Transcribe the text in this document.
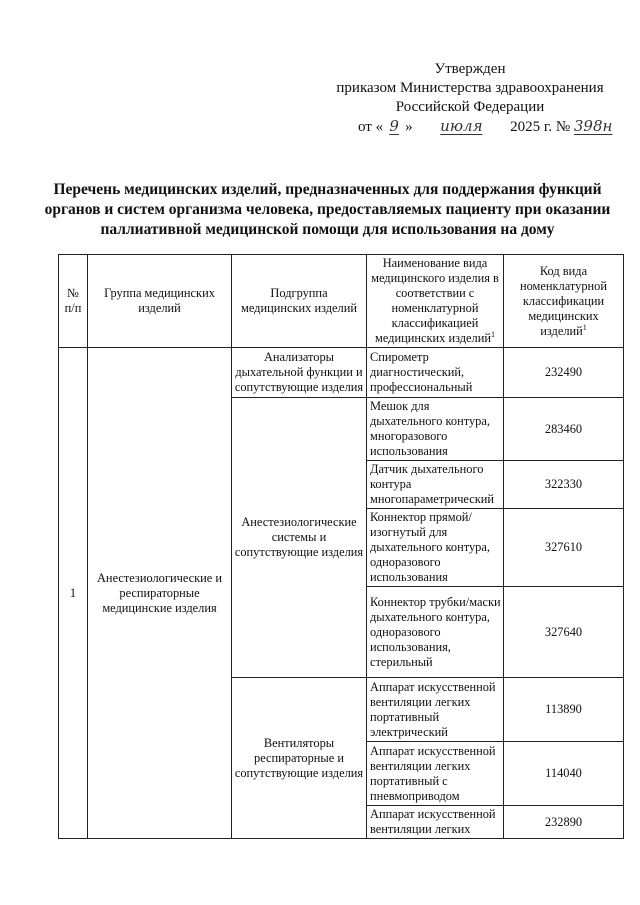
Утвержден
приказом Министерства здравоохранения
Российской Федерации
от « 9 » июля 2025 г. № 398н
Перечень медицинских изделий, предназначенных для поддержания функций органов и систем организма человека, предоставляемых пациенту при оказании паллиативной медицинской помощи для использования на дому
№ п/п	Группа медицинских изделий	Подгруппа медицинских изделий	Наименование вида медицинского изделия в соответствии с номенклатурной классификацией медицинских изделий$^1$	Код вида номенклатурной классификации медицинских изделий$^1$
1	Анестезиологические и респираторные медицинские изделия	Анализаторы дыхательной функции и сопутствующие изделия	Спирометр диагностический, профессиональный	232490
		Анестезиологические системы и сопутствующие изделия	Мешок для дыхательного контура, многоразового использования	283460
			Датчик дыхательного контура многопараметрический	322330
			Коннектор прямой/изогнутый для дыхательного контура, одноразового использования	327610
			Коннектор трубки/маски дыхательного контура, одноразового использования, стерильный	327640
		Вентиляторы респираторные и сопутствующие изделия	Аппарат искусственной вентиляции легких портативный электрический	113890
			Аппарат искусственной вентиляции легких портативный с пневмоприводом	114040
			Аппарат искусственной вентиляции легких	232890
